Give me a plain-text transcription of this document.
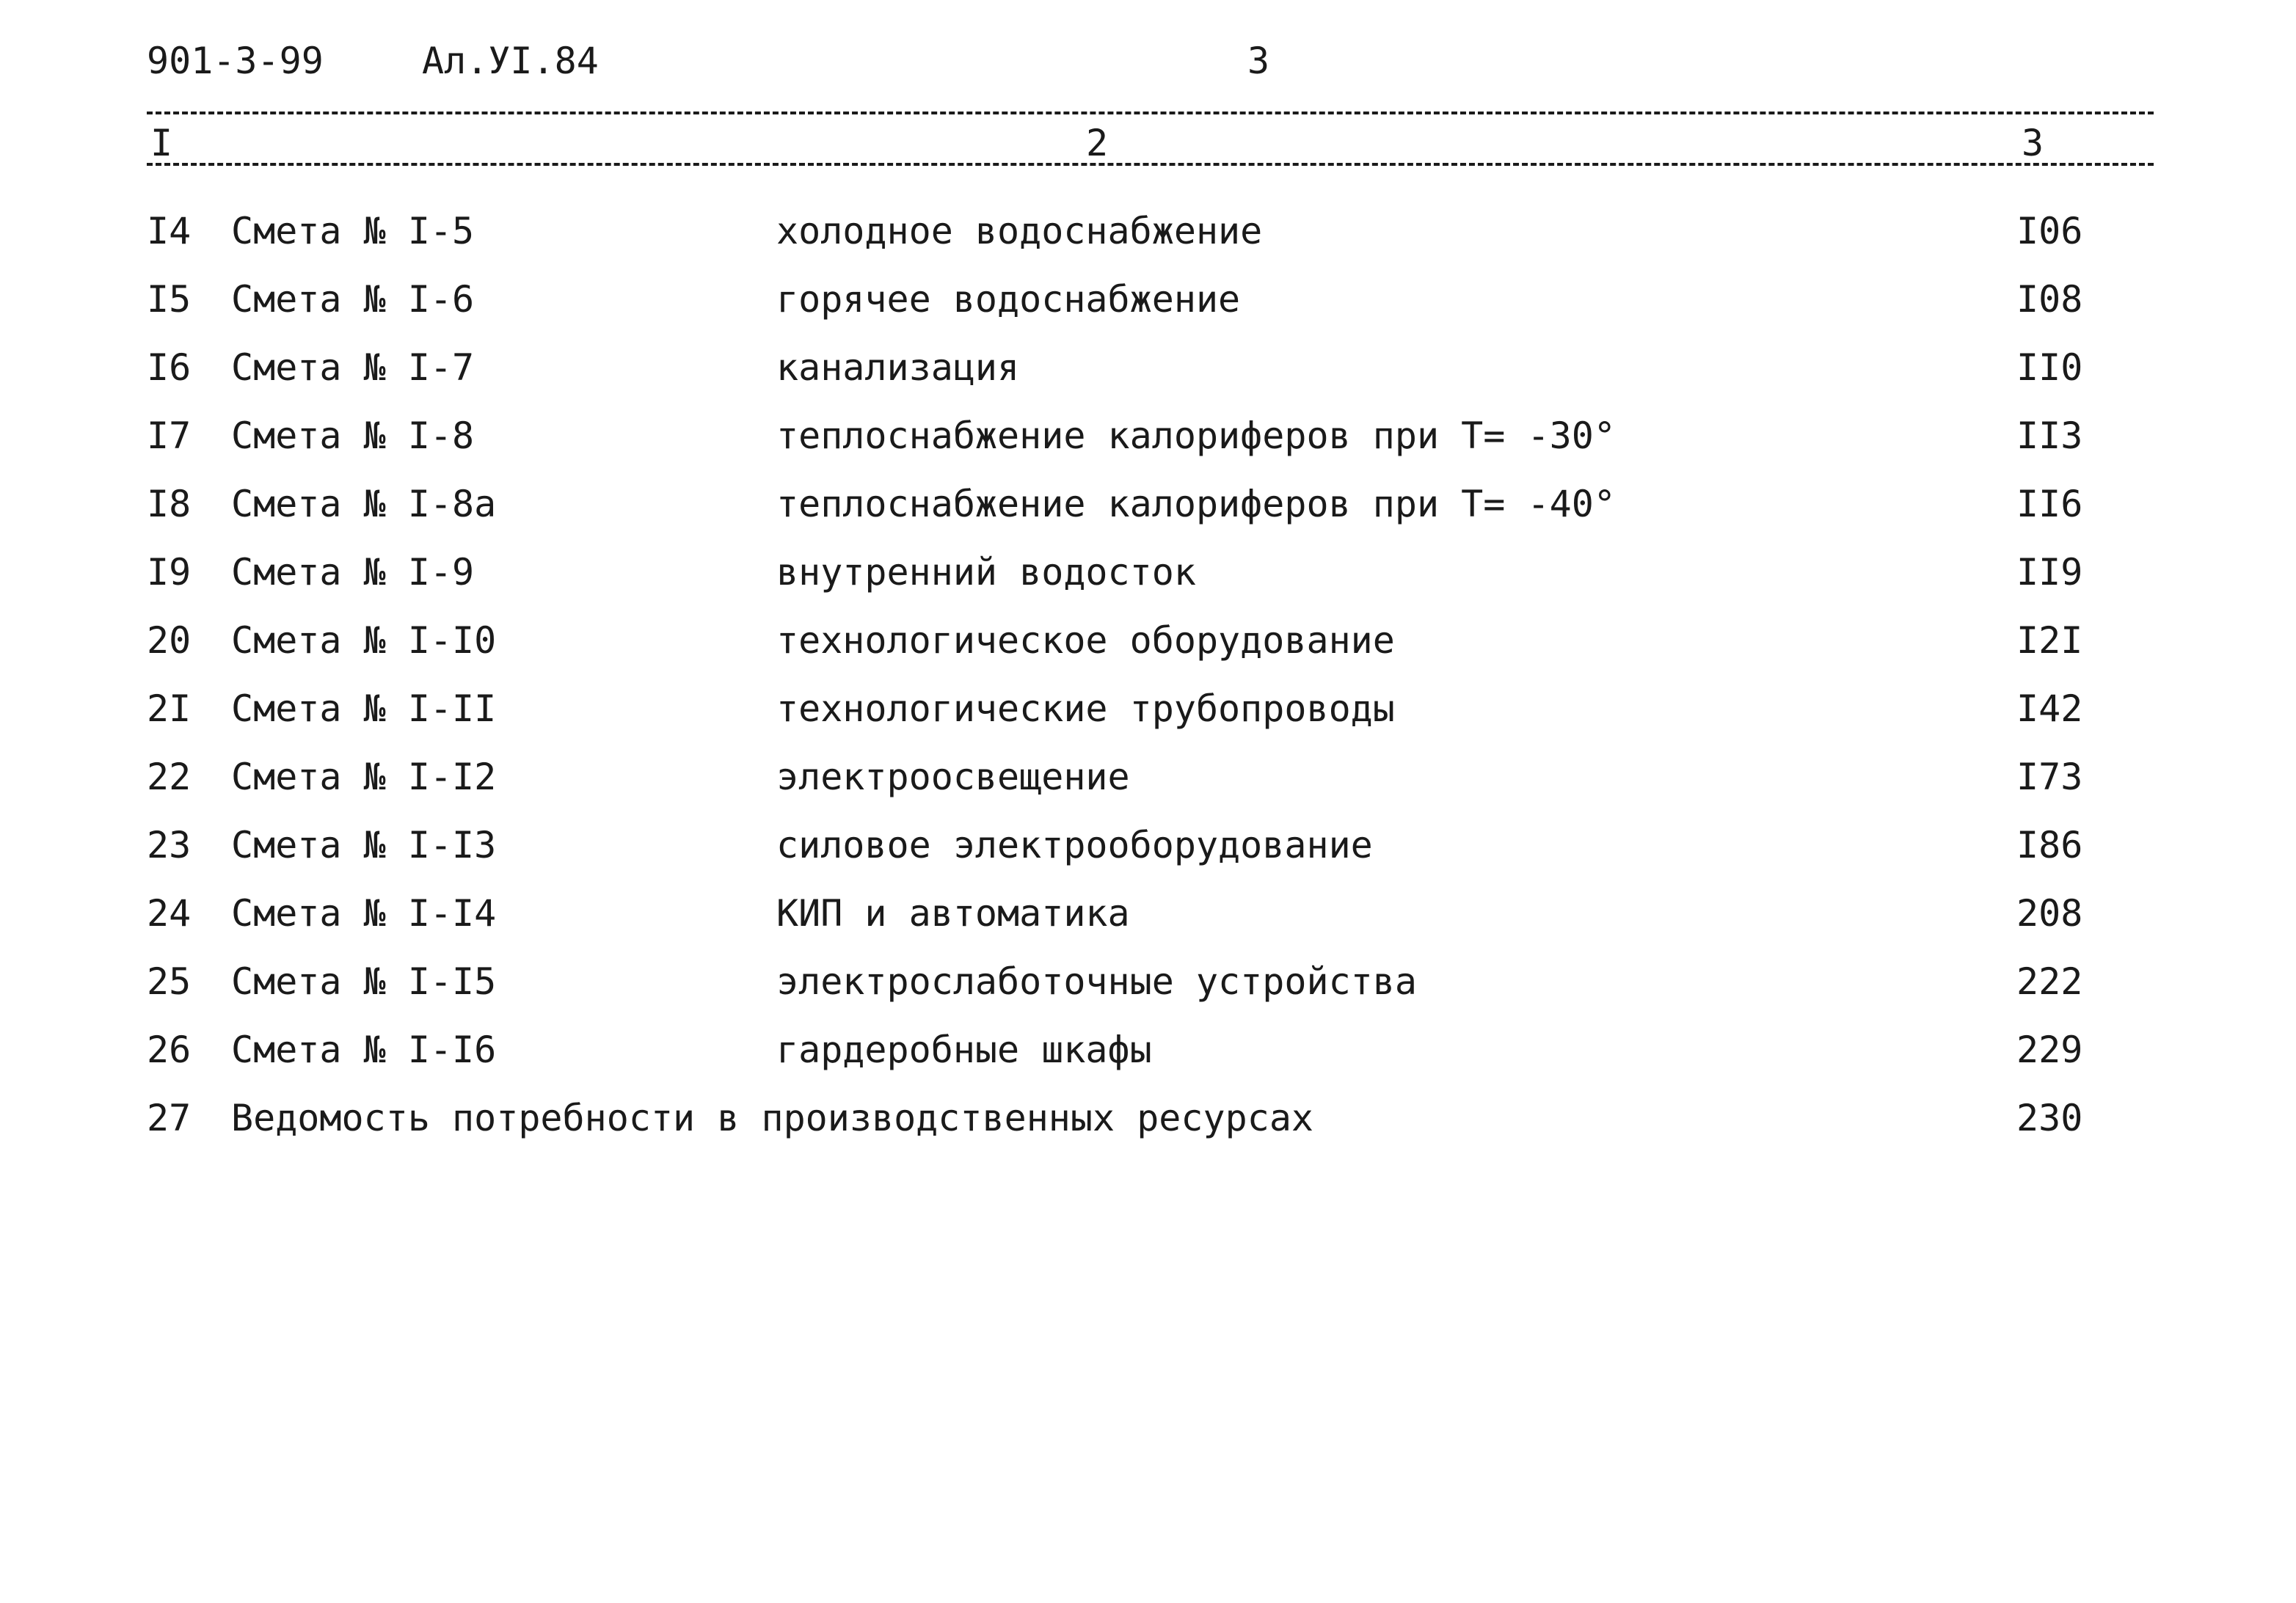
901-3-99	Ал.УI.84	3
I	2	3
I4 Смета № I-5	холодное водоснабжение	I06
I5 Смета № I-6	горячее водоснабжение	I08
I6 Смета № I-7	канализация	II0
I7 Смета № I-8	теплоснабжение калориферов при Т= -30°	II3
I8 Смета № I-8а	теплоснабжение калориферов при Т= -40°	II6
I9 Смета № I-9	внутренний водосток	II9
20 Смета № I-I0	технологическое оборудование	I2I
2I Смета № I-II	технологические трубопроводы	I42
22 Смета № I-I2	электроосвещение	I73
23 Смета № I-I3	силовое электрооборудование	I86
24 Смета № I-I4	КИП и автоматика	208
25 Смета № I-I5	электрослаботочные устройства	222
26 Смета № I-I6	гардеробные шкафы	229
27 Ведомость потребности в производственных ресурсах	230
